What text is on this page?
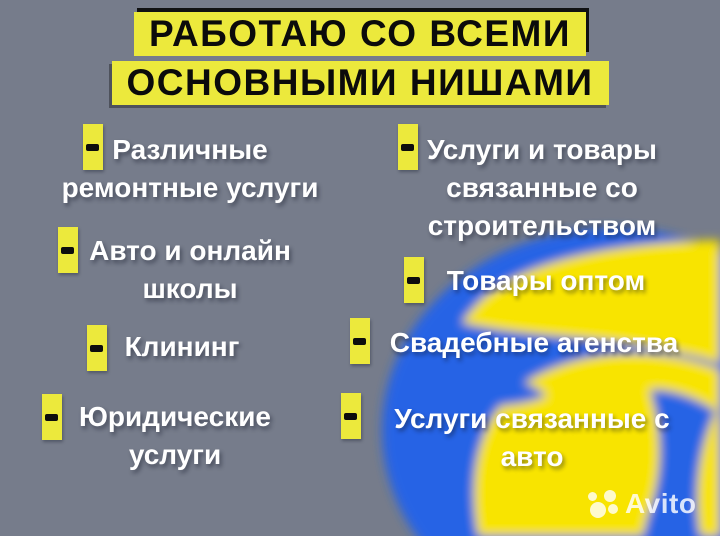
РАБОТАЮ СО ВСЕМИ
ОСНОВНЫМИ НИШАМИ
Различные
ремонтные услуги
Авто и онлайн
школы
Клининг
Юридические
услуги
Услуги и товары
связанные со
строительством
Товары оптом
Свадебные агенства
Услуги связанные с
авто
Avito
